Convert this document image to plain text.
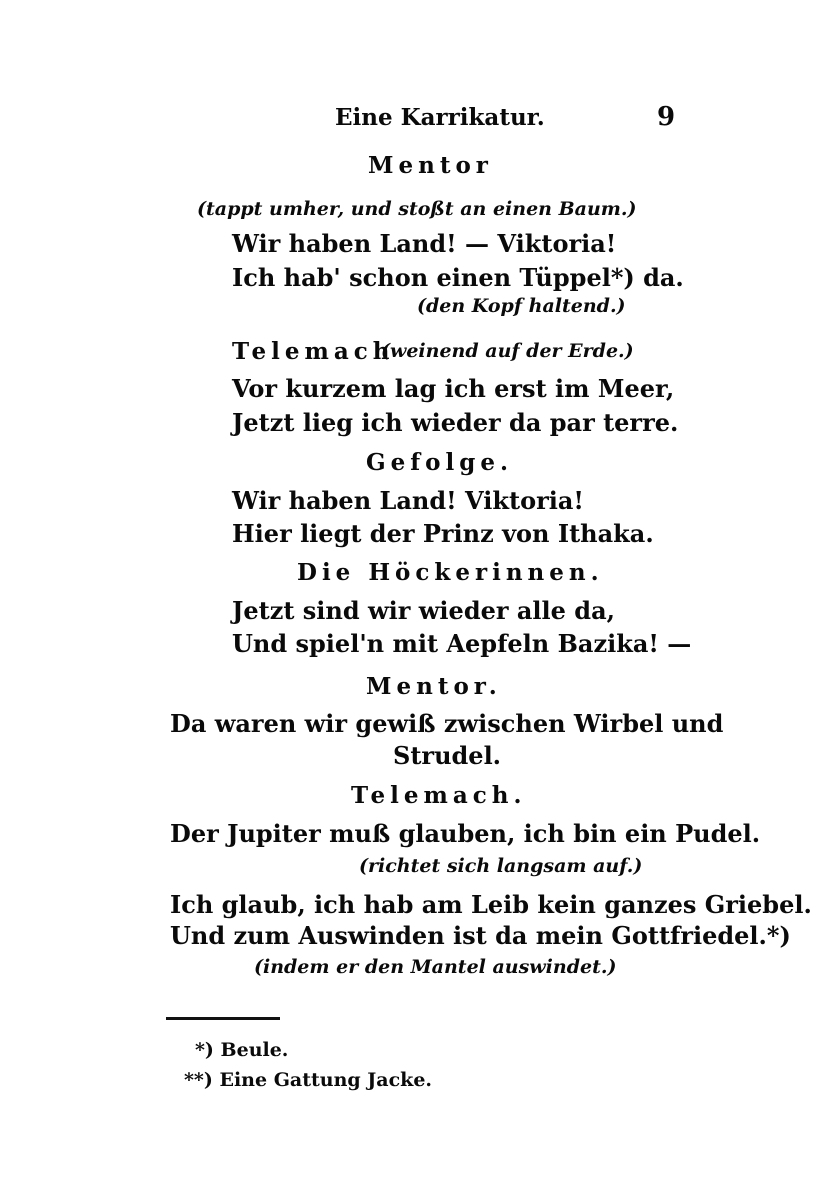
Eine Karrikatur.	9
Mentor
(tappt umher, und stoßt an einen Baum.)
Wir haben Land! — Viktoria!
Ich hab' schon einen Tüppel*) da.
(den Kopf haltend.)
Telemach
(weinend auf der Erde.)
Vor kurzem lag ich erst im Meer,
Jetzt lieg ich wieder da par terre.
Gefolge.
Wir haben Land! Viktoria!
Hier liegt der Prinz von Ithaka.
Die Höckerinnen.
Jetzt sind wir wieder alle da,
Und spiel'n mit Aepfeln Bazika! —
Mentor.
Da waren wir gewiß zwischen Wirbel und
Strudel.
Telemach.
Der Jupiter muß glauben, ich bin ein Pudel.
(richtet sich langsam auf.)
Ich glaub, ich hab am Leib kein ganzes Griebel.
Und zum Auswinden ist da mein Gottfriedel.*)
(indem er den Mantel auswindet.)
*) Beule.
**) Eine Gattung Jacke.
